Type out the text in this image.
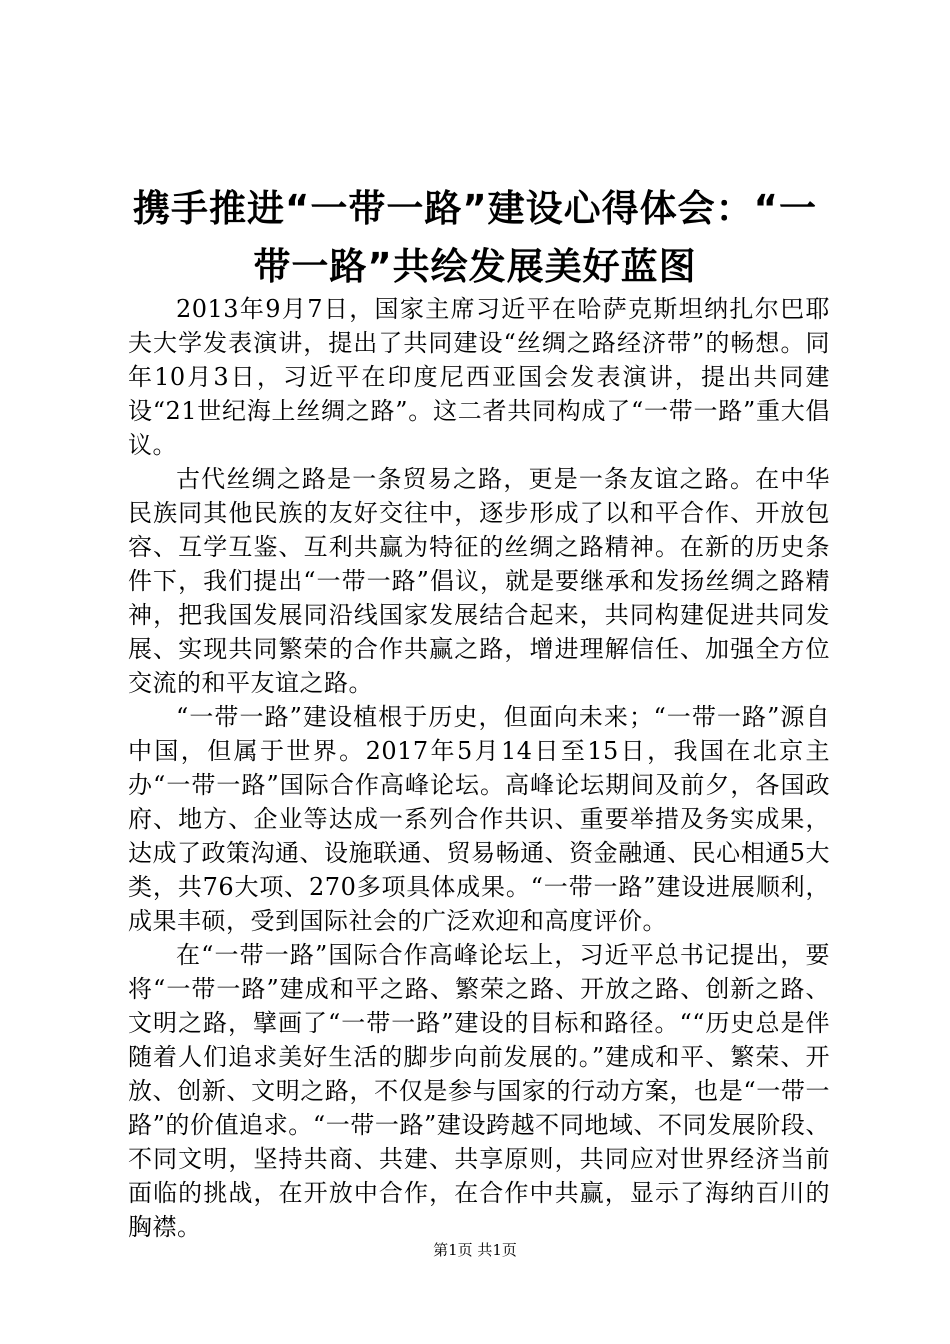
携手推进“一带一路”建设心得体会：“一带一路”共绘发展美好蓝图

2013年9月7日，国家主席习近平在哈萨克斯坦纳扎尔巴耶夫大学发表演讲，提出了共同建设“丝绸之路经济带”的畅想。同年10月3日，习近平在印度尼西亚国会发表演讲，提出共同建设“21世纪海上丝绸之路”。这二者共同构成了“一带一路”重大倡议。

古代丝绸之路是一条贸易之路，更是一条友谊之路。在中华民族同其他民族的友好交往中，逐步形成了以和平合作、开放包容、互学互鉴、互利共赢为特征的丝绸之路精神。在新的历史条件下，我们提出“一带一路”倡议，就是要继承和发扬丝绸之路精神，把我国发展同沿线国家发展结合起来，共同构建促进共同发展、实现共同繁荣的合作共赢之路，增进理解信任、加强全方位交流的和平友谊之路。

“一带一路”建设植根于历史，但面向未来；“一带一路”源自中国，但属于世界。2017年5月14日至15日，我国在北京主办“一带一路”国际合作高峰论坛。高峰论坛期间及前夕，各国政府、地方、企业等达成一系列合作共识、重要举措及务实成果，达成了政策沟通、设施联通、贸易畅通、资金融通、民心相通5大类，共76大项、270多项具体成果。“一带一路”建设进展顺利，成果丰硕，受到国际社会的广泛欢迎和高度评价。

在“一带一路”国际合作高峰论坛上，习近平总书记提出，要将“一带一路”建成和平之路、繁荣之路、开放之路、创新之路、文明之路，擘画了“一带一路”建设的目标和路径。““历史总是伴随着人们追求美好生活的脚步向前发展的。”建成和平、繁荣、开放、创新、文明之路，不仅是参与国家的行动方案，也是“一带一路”的价值追求。“一带一路”建设跨越不同地域、不同发展阶段、不同文明，坚持共商、共建、共享原则，共同应对世界经济当前面临的挑战，在开放中合作，在合作中共赢，显示了海纳百川的胸襟。

第1页 共1页
